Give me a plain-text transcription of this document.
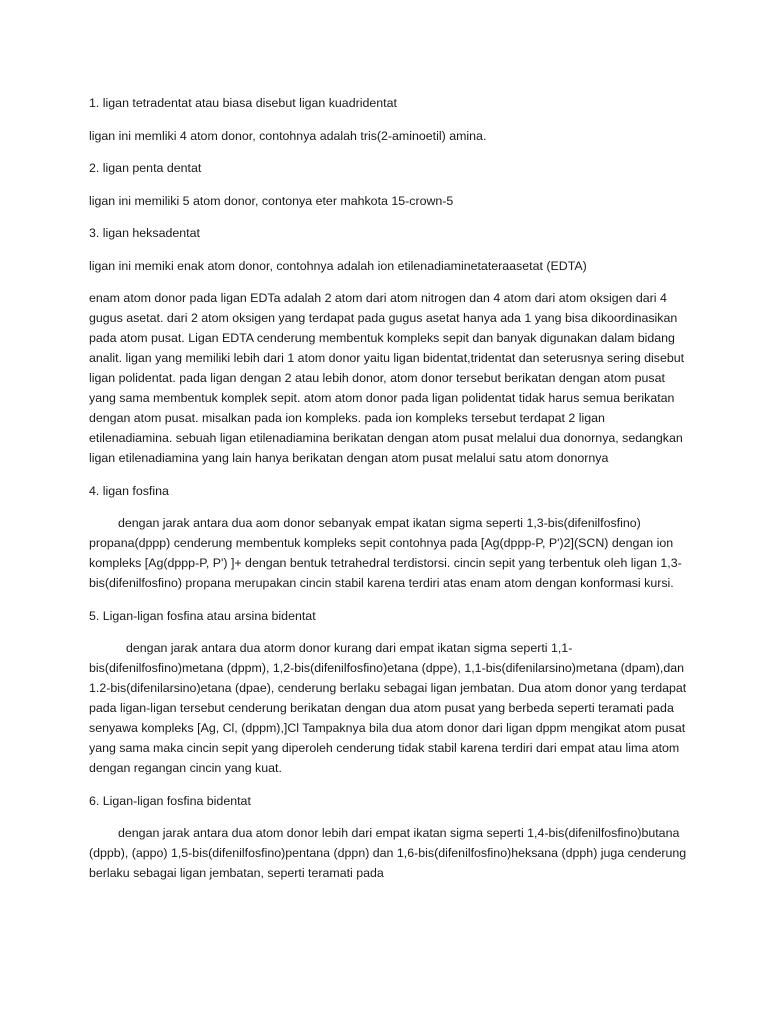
1. ligan tetradentat atau biasa disebut ligan kuadridentat

ligan ini memliki 4 atom donor, contohnya adalah tris(2-aminoetil) amina.

2. ligan penta dentat

ligan ini memiliki 5 atom donor, contonya eter mahkota 15-crown-5

3. ligan heksadentat

ligan ini memiki enak atom donor, contohnya adalah ion etilenadiaminetateraasetat (EDTA)

enam atom donor pada ligan EDTa adalah 2 atom dari atom nitrogen dan 4 atom dari atom oksigen dari 4 gugus asetat. dari 2 atom oksigen yang terdapat pada gugus asetat hanya ada 1 yang bisa dikoordinasikan pada atom pusat. Ligan EDTA cenderung membentuk kompleks sepit dan banyak digunakan dalam bidang analit. ligan yang memiliki lebih dari 1 atom donor yaitu ligan bidentat,tridentat dan seterusnya sering disebut ligan polidentat. pada ligan dengan 2 atau lebih donor, atom donor tersebut berikatan dengan atom pusat yang sama membentuk komplek sepit. atom atom donor pada ligan polidentat tidak harus semua berikatan dengan atom pusat. misalkan pada ion kompleks. pada ion kompleks tersebut terdapat 2 ligan etilenadiamina. sebuah ligan etilenadiamina berikatan dengan atom pusat melalui dua donornya, sedangkan ligan etilenadiamina yang lain hanya berikatan dengan atom pusat melalui satu atom donornya

4. ligan fosfina

dengan jarak antara dua aom donor sebanyak empat ikatan sigma seperti 1,3-bis(difenilfosfino) propana(dppp) cenderung membentuk kompleks sepit contohnya pada [Ag(dppp-P, P')2](SCN) dengan ion kompleks [Ag(dppp-P, P') ]+ dengan bentuk tetrahedral terdistorsi. cincin sepit yang terbentuk oleh ligan 1,3-bis(difenilfosfino) propana merupakan cincin stabil karena terdiri atas enam atom dengan konformasi kursi.

5. Ligan-ligan fosfina atau arsina bidentat

dengan jarak antara dua atorm donor kurang dari empat ikatan sigma seperti 1,1-bis(difenilfosfino)metana (dppm), 1,2-bis(difenilfosfino)etana (dppe), 1,1-bis(difenilarsino)metana (dpam),dan 1.2-bis(difenilarsino)etana (dpae), cenderung berlaku sebagai ligan jembatan. Dua atom donor yang terdapat pada ligan-ligan tersebut cenderung berikatan dengan dua atom pusat yang berbeda seperti teramati pada senyawa kompleks [Ag, Cl, (dppm),]Cl Tampaknya bila dua atom donor dari ligan dppm mengikat atom pusat yang sama maka cincin sepit yang diperoleh cenderung tidak stabil karena terdiri dari empat atau lima atom dengan regangan cincin yang kuat.

6. Ligan-ligan fosfina bidentat

dengan jarak antara dua atom donor lebih dari empat ikatan sigma seperti 1,4-bis(difenilfosfino)butana (dppb), (appo) 1,5-bis(difenilfosfino)pentana (dppn) dan 1,6-bis(difenilfosfino)heksana (dpph) juga cenderung berlaku sebagai ligan jembatan, seperti teramati pada
